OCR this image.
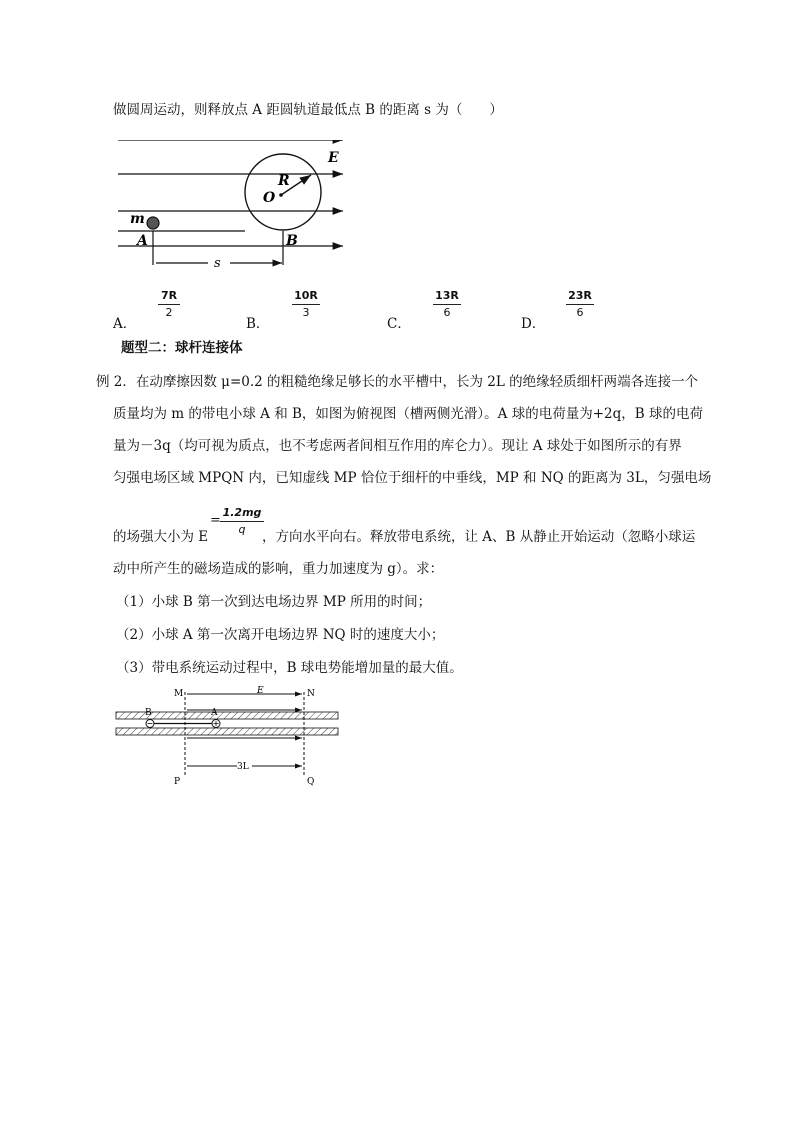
做圆周运动，则释放点 A 距圆轨道最低点 B 的距离 s 为（　　）
E
R
O
m
A	B
s
A．
7R
2
B．
10R
3
C．
13R
6
D．
23R
6
题型二：球杆连接体
例 2．在动摩擦因数 μ=0.2 的粗糙绝缘足够长的水平槽中，长为 2L 的绝缘轻质细杆两端各连接一个
质量均为 m 的带电小球 A 和 B，如图为俯视图（槽两侧光滑）。A 球的电荷量为+2q，B 球的电荷
量为－3q（均可视为质点，也不考虑两者间相互作用的库仑力）。现让 A 球处于如图所示的有界
匀强电场区域 MPQN 内，已知虚线 MP 恰位于细杆的中垂线，MP 和 NQ 的距离为 3L，匀强电场
的场强大小为 E
=
1.2mg
q	，方向水平向右。释放带电系统，让 A、B 从静止开始运动（忽略小球运
动中所产生的磁场造成的影响，重力加速度为 g）。求：
（1）小球 B 第一次到达电场边界 MP 所用的时间；
（2）小球 A 第一次离开电场边界 NQ 时的速度大小；
（3）带电系统运动过程中，B 球电势能增加量的最大值。
M	N
P	Q
E
A
B
3L
